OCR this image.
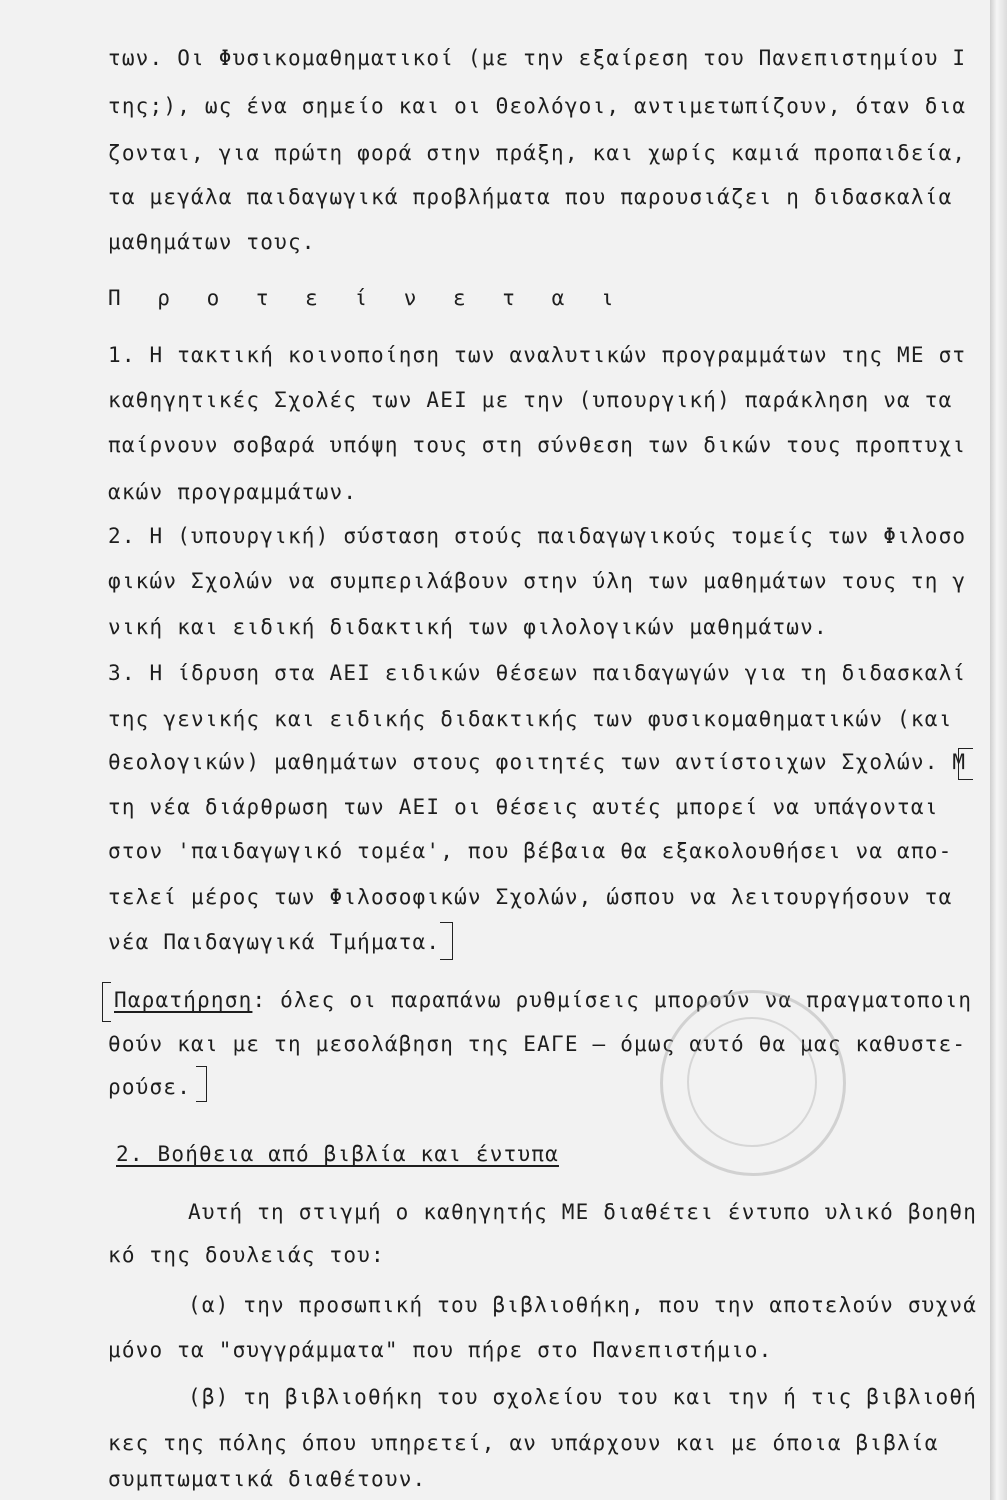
των. Οι Φυσικομαθηματικοί (με την εξαίρεση του Πανεπιστημίου Ι
της;), ως ένα σημείο και οι Θεολόγοι, αντιμετωπίζουν, όταν δια
ζονται, για πρώτη φορά στην πράξη, και χωρίς καμιά προπαιδεία,
τα μεγάλα παιδαγωγικά προβλήματα που παρουσιάζει η διδασκαλία
μαθημάτων τους.
Π ρ ο τ ε ί ν ε τ α ι
1. Η τακτική κοινοποίηση των αναλυτικών προγραμμάτων της ΜΕ στ
καθηγητικές Σχολές των ΑΕΙ με την (υπουργική) παράκληση να τα
παίρνουν σοβαρά υπόψη τους στη σύνθεση των δικών τους προπτυχι
ακών προγραμμάτων.
2. Η (υπουργική) σύσταση στούς παιδαγωγικούς τομείς των Φιλοσο
φικών Σχολών να συμπεριλάβουν στην ύλη των μαθημάτων τους τη γ
νική και ειδική διδακτική των φιλολογικών μαθημάτων.
3. Η ίδρυση στα ΑΕΙ ειδικών θέσεων παιδαγωγών για τη διδασκαλί
της γενικής και ειδικής διδακτικής των φυσικομαθηματικών (και
θεολογικών) μαθημάτων στους φοιτητές των αντίστοιχων Σχολών. Μ
τη νέα διάρθρωση των ΑΕΙ οι θέσεις αυτές μπορεί να υπάγονται
στον 'παιδαγωγικό τομέα', που βέβαια θα εξακολουθήσει να απο-
τελεί μέρος των Φιλοσοφικών Σχολών, ώσπου να λειτουργήσουν τα
νέα Παιδαγωγικά Τμήματα.
Παρατήρηση: όλες οι παραπάνω ρυθμίσεις μπορούν να πραγματοποιη
θούν και με τη μεσολάβηση της ΕΑΓΕ — όμως αυτό θα μας καθυστε-
ρούσε.
2. Βοήθεια από βιβλία και έντυπα
Αυτή τη στιγμή ο καθηγητής ΜΕ διαθέτει έντυπο υλικό βοηθη
κό της δουλειάς του:
(α) την προσωπική του βιβλιοθήκη, που την αποτελούν συχνά
μόνο τα "συγγράμματα" που πήρε στο Πανεπιστήμιο.
(β) τη βιβλιοθήκη του σχολείου του και την ή τις βιβλιοθή
κες της πόλης όπου υπηρετεί, αν υπάρχουν και με όποια βιβλία
συμπτωματικά διαθέτουν.
